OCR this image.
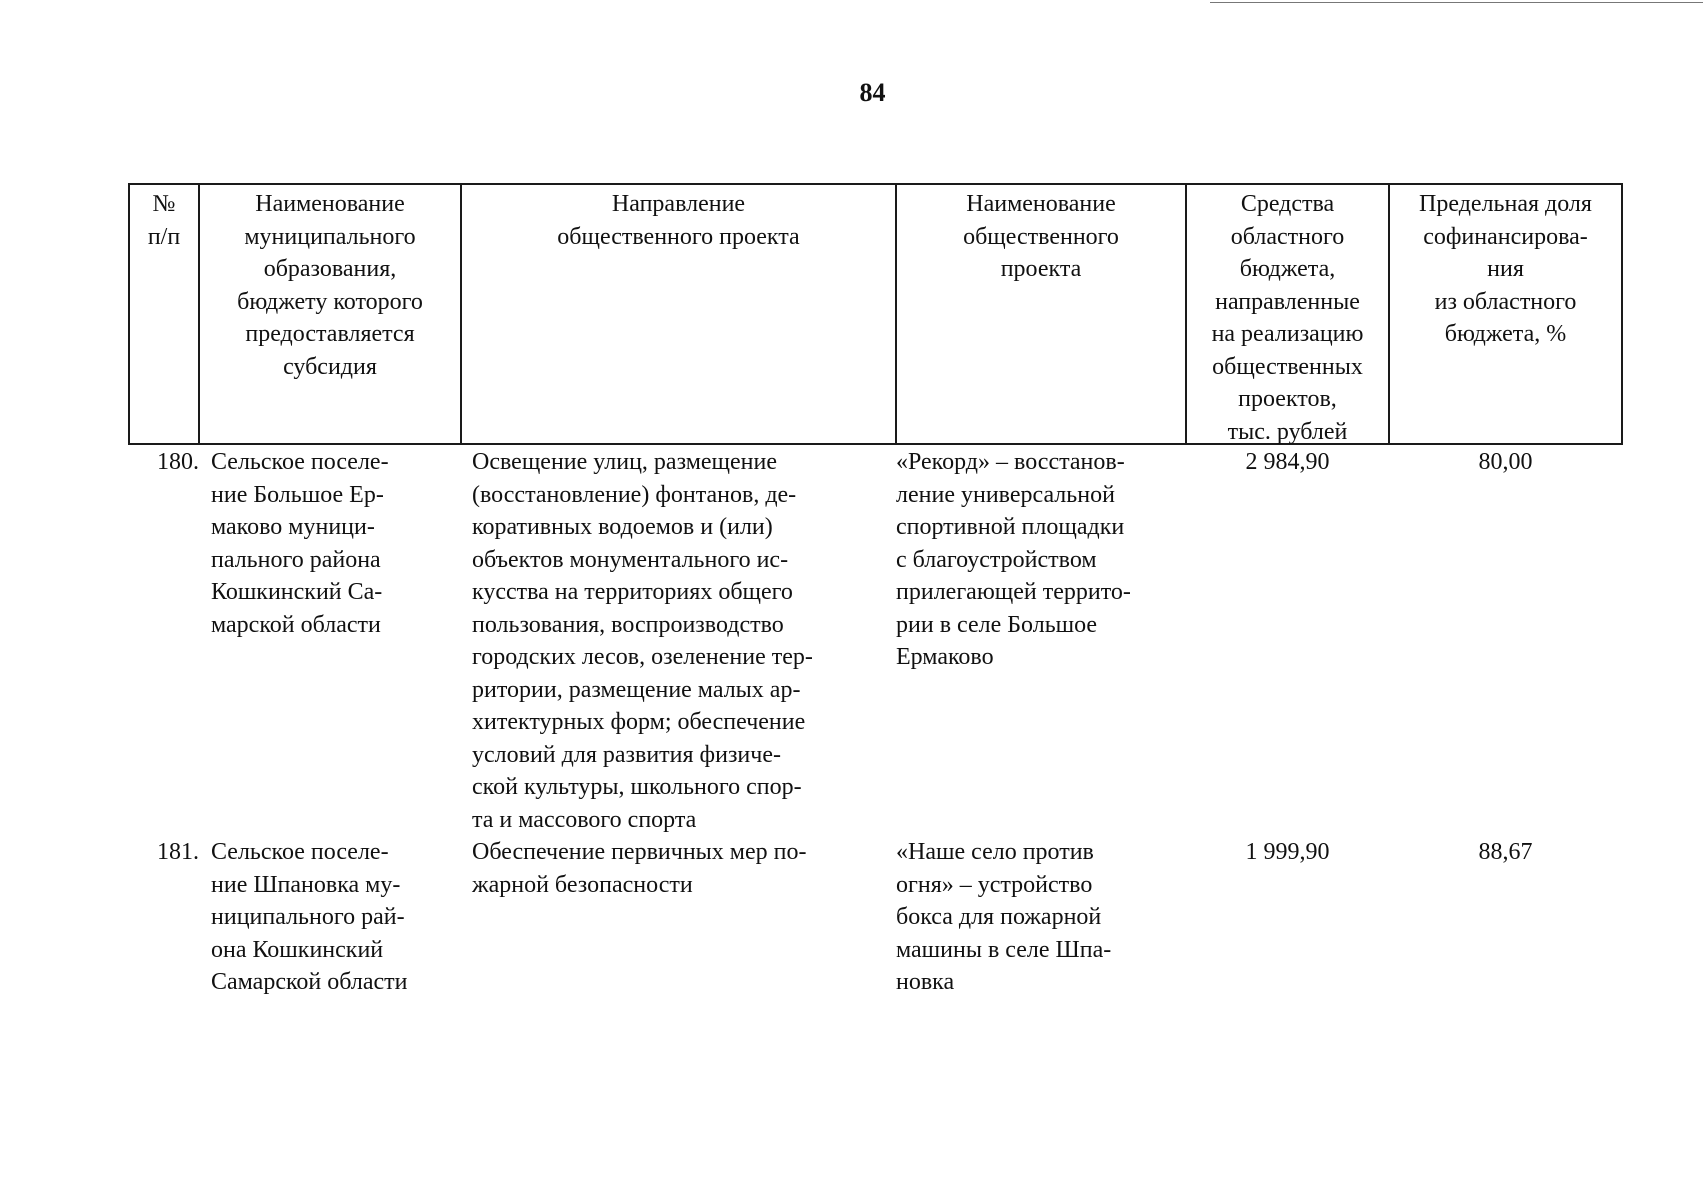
84
№
п/п
Наименование
муниципального
образования,
бюджету которого
предоставляется
субсидия
Направление
общественного проекта
Наименование
общественного
проекта
Средства
областного
бюджета,
направленные
на реализацию
общественных
проектов,
тыс. рублей
Предельная доля
софинансирова-
ния
из областного
бюджета, %
180. Сельское поселе-
ние Большое Ер-
маково муници-
пального района
Кошкинский Са-
марской области
Освещение улиц, размещение
(восстановление) фонтанов, де-
коративных водоемов и (или)
объектов монументального ис-
кусства на территориях общего
пользования, воспроизводство
городских лесов, озеленение тер-
ритории, размещение малых ар-
хитектурных форм; обеспечение
условий для развития физиче-
ской культуры, школьного спор-
та и массового спорта
«Рекорд» – восстанов-
ление универсальной
спортивной площадки
с благоустройством
прилегающей террито-
рии в селе Большое
Ермаково
2 984,90	80,00
181. Сельское поселе-
ние Шпановка му-
ниципального рай-
она Кошкинский
Самарской области
Обеспечение первичных мер по-
жарной безопасности
«Наше село против
огня» – устройство
бокса для пожарной
машины в селе Шпа-
новка
1 999,90	88,67
